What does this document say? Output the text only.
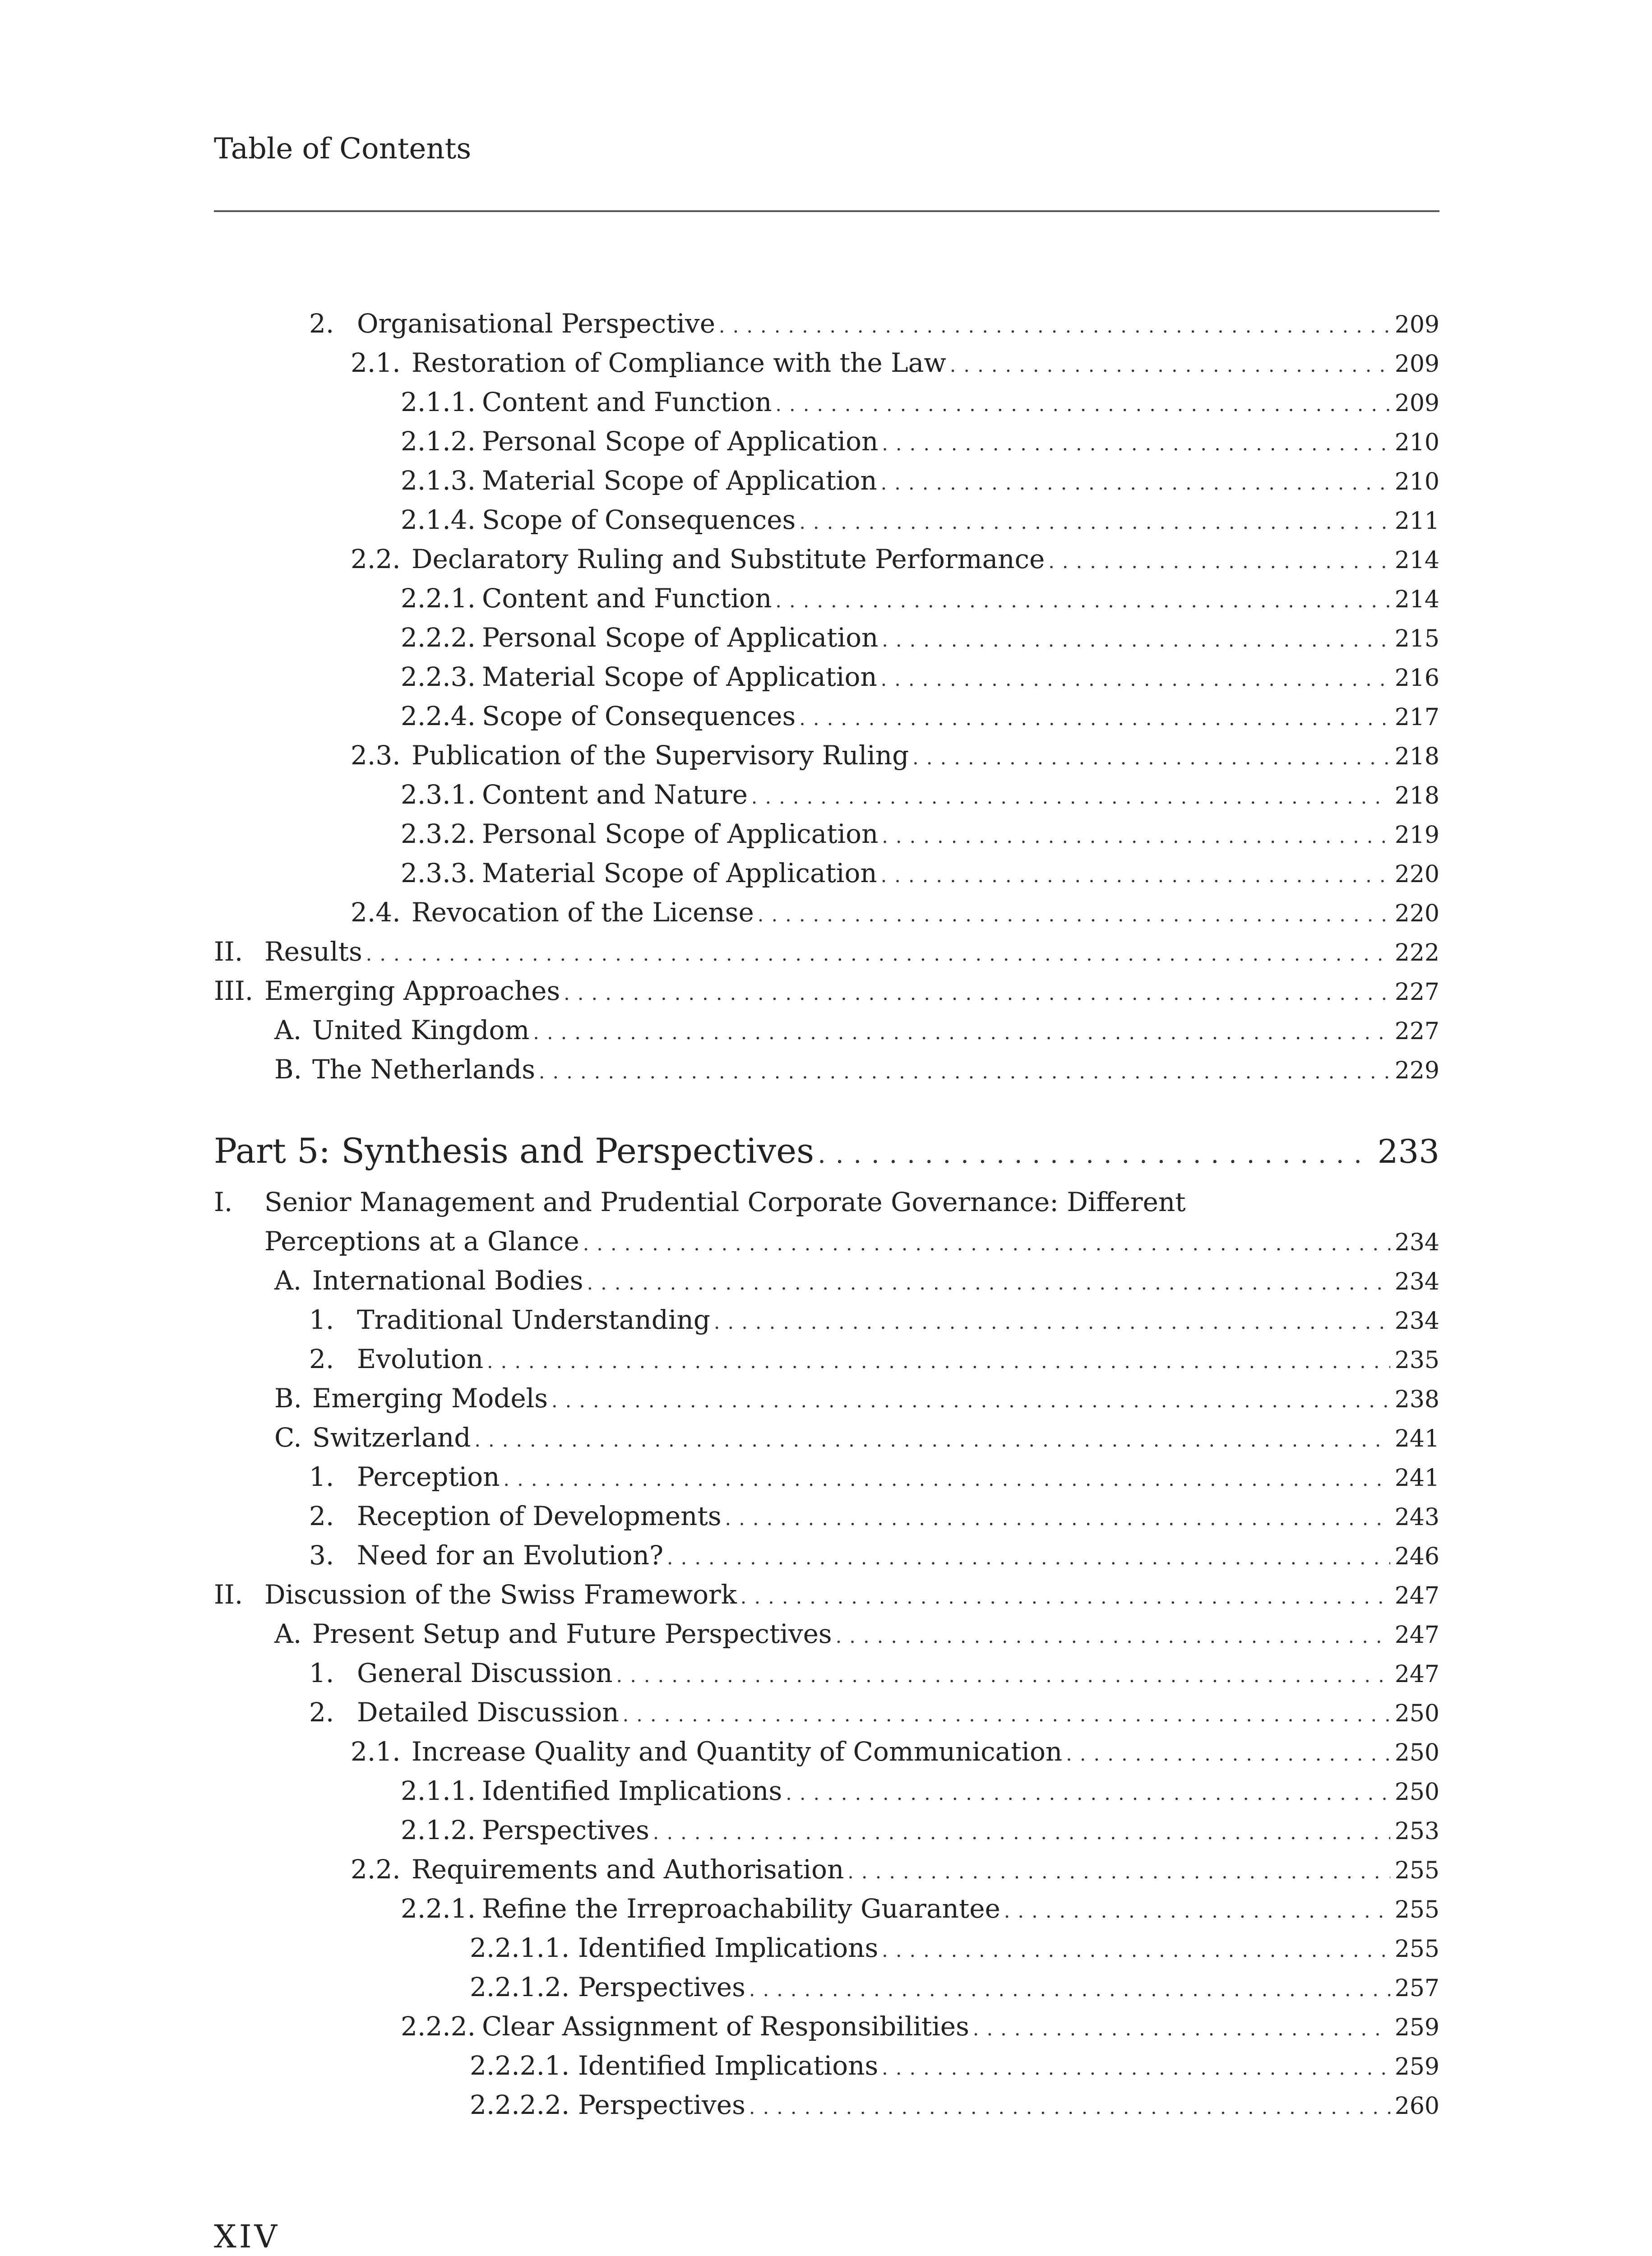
Table of Contents
2. Organisational Perspective . . .	209
2.1. Restoration of Compliance with the Law . . .	209
2.1.1. Content and Function . . .	209
2.1.2. Personal Scope of Application . . .	210
2.1.3. Material Scope of Application . . .	210
2.1.4. Scope of Consequences . . .	211
2.2. Declaratory Ruling and Substitute Performance . . .	214
2.2.1. Content and Function . . .	214
2.2.2. Personal Scope of Application . . .	215
2.2.3. Material Scope of Application . . .	216
2.2.4. Scope of Consequences . . .	217
2.3. Publication of the Supervisory Ruling . . .	218
2.3.1. Content and Nature . . .	218
2.3.2. Personal Scope of Application . . .	219
2.3.3. Material Scope of Application . . .	220
2.4. Revocation of the License . . .	220
II. Results . . .	222
III. Emerging Approaches . . .	227
A. United Kingdom . . .	227
B. The Netherlands . . .	229
Part 5: Synthesis and Perspectives . . .	233
I. Senior Management and Prudential Corporate Governance: Different
Perceptions at a Glance . . .	234
A. International Bodies . . .	234
1. Traditional Understanding . . .	234
2. Evolution . . .	235
B. Emerging Models . . .	238
C. Switzerland . . .	241
1. Perception . . .	241
2. Reception of Developments . . .	243
3. Need for an Evolution? . . .	246
II. Discussion of the Swiss Framework . . .	247
A. Present Setup and Future Perspectives . . .	247
1. General Discussion . . .	247
2. Detailed Discussion . . .	250
2.1. Increase Quality and Quantity of Communication . . .	250
2.1.1. Identified Implications . . .	250
2.1.2. Perspectives . . .	253
2.2. Requirements and Authorisation . . .	255
2.2.1. Refine the Irreproachability Guarantee . . .	255
2.2.1.1. Identified Implications . . .	255
2.2.1.2. Perspectives . . .	257
2.2.2. Clear Assignment of Responsibilities . . .	259
2.2.2.1. Identified Implications . . .	259
2.2.2.2. Perspectives . . .	260
XIV
